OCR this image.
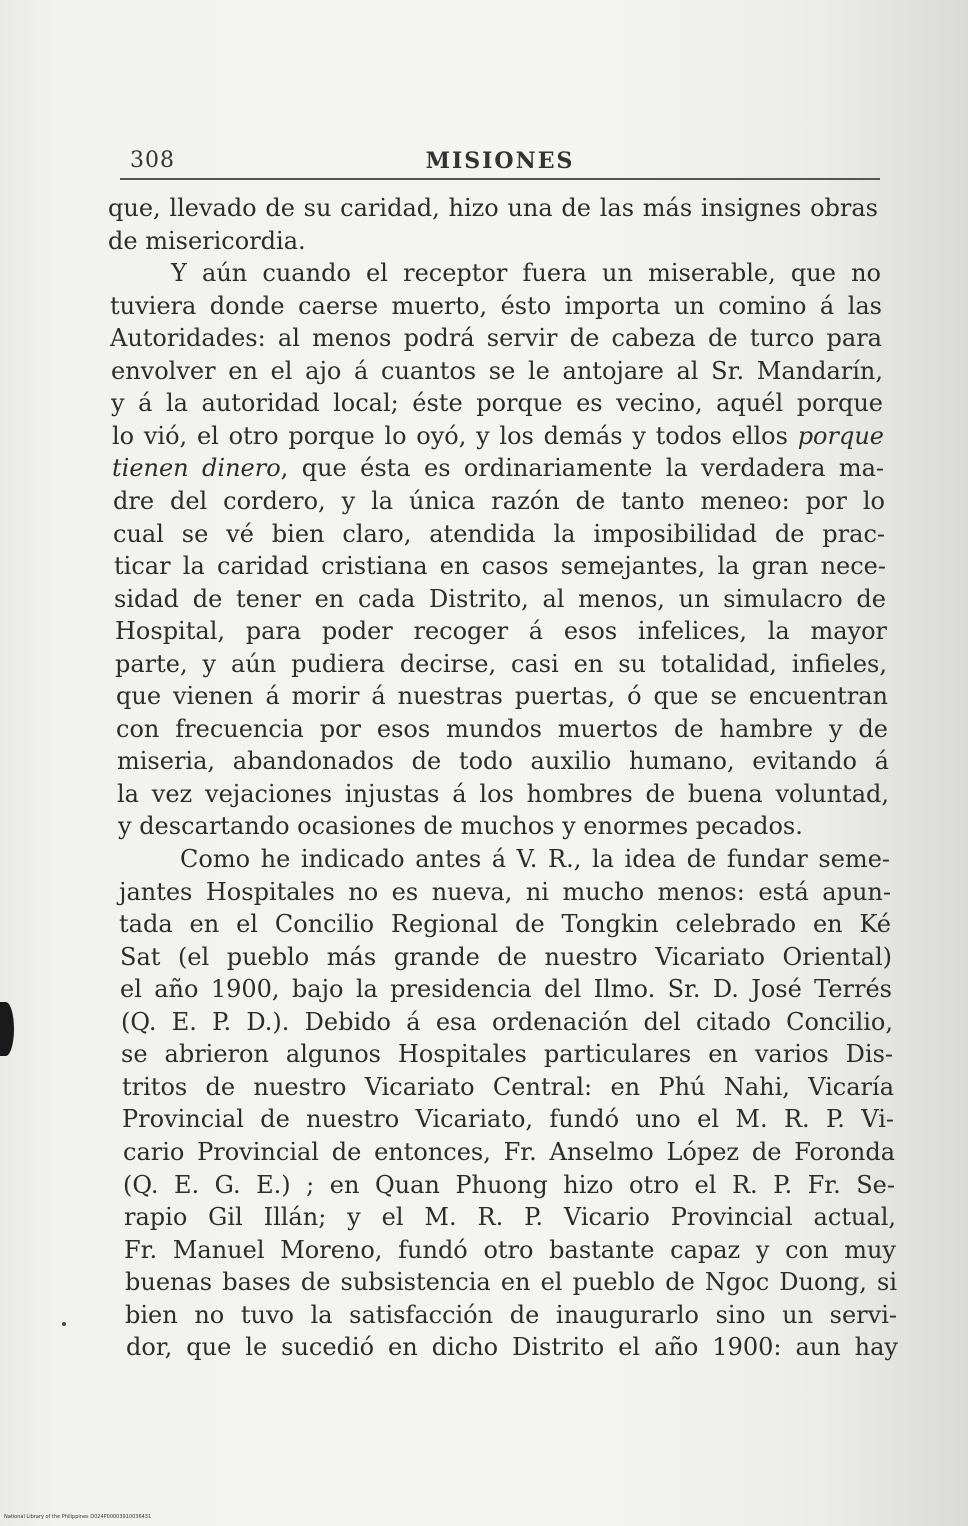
308	MISIONES
que, llevado de su caridad, hizo una de las más insignes obras
de misericordia.
Y aún cuando el receptor fuera un miserable, que no
tuviera donde caerse muerto, ésto importa un comino á las
Autoridades: al menos podrá servir de cabeza de turco para
envolver en el ajo á cuantos se le antojare al Sr. Mandarín,
y á la autoridad local; éste porque es vecino, aquél porque
lo vió, el otro porque lo oyó, y los demás y todos ellos porque
tienen dinero, que ésta es ordinariamente la verdadera ma-
dre del cordero, y la única razón de tanto meneo: por lo
cual se vé bien claro, atendida la imposibilidad de prac-
ticar la caridad cristiana en casos semejantes, la gran nece-
sidad de tener en cada Distrito, al menos, un simulacro de
Hospital, para poder recoger á esos infelices, la mayor
parte, y aún pudiera decirse, casi en su totalidad, infieles,
que vienen á morir á nuestras puertas, ó que se encuentran
con frecuencia por esos mundos muertos de hambre y de
miseria, abandonados de todo auxilio humano, evitando á
la vez vejaciones injustas á los hombres de buena voluntad,
y descartando ocasiones de muchos y enormes pecados.
Como he indicado antes á V. R., la idea de fundar seme-
jantes Hospitales no es nueva, ni mucho menos: está apun-
tada en el Concilio Regional de Tongkin celebrado en Ké
Sat (el pueblo más grande de nuestro Vicariato Oriental)
el año 1900, bajo la presidencia del Ilmo. Sr. D. José Terrés
(Q. E. P. D.). Debido á esa ordenación del citado Concilio,
se abrieron algunos Hospitales particulares en varios Dis-
tritos de nuestro Vicariato Central: en Phú Nahi, Vicaría
Provincial de nuestro Vicariato, fundó uno el M. R. P. Vi-
cario Provincial de entonces, Fr. Anselmo López de Foronda
(Q. E. G. E.) ; en Quan Phuong hizo otro el R. P. Fr. Se-
rapio Gil Illán; y el M. R. P. Vicario Provincial actual,
Fr. Manuel Moreno, fundó otro bastante capaz y con muy
buenas bases de subsistencia en el pueblo de Ngoc Duong, si
bien no tuvo la satisfacción de inaugurarlo sino un servi-
dor, que le sucedió en dicho Distrito el año 1900: aun hay
National Library of the Philippines D024P00003910036431
